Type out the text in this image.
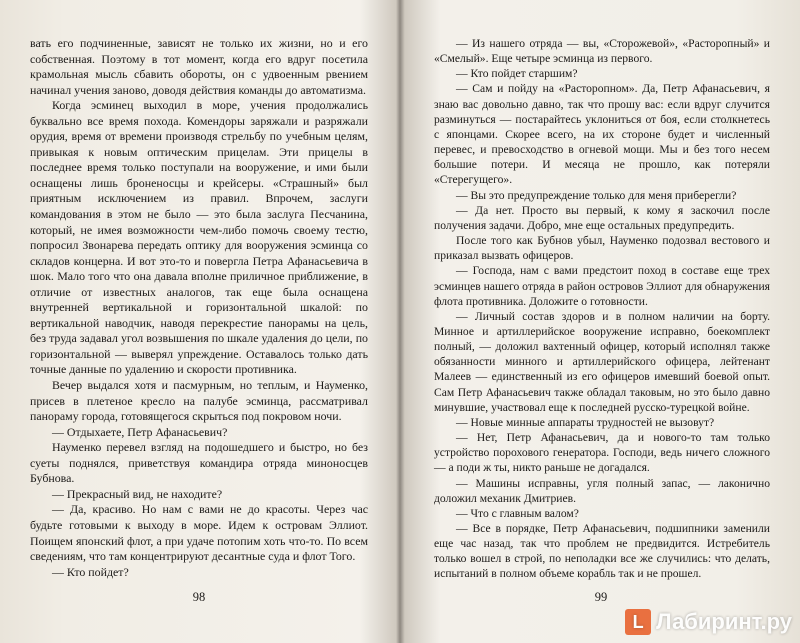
вать его подчиненные, зависят не только их жизни, но и его собственная. Поэтому в тот момент, когда его вдруг посетила крамольная мысль сбавить обороты, он с удвоенным рвением начинал учения заново, доводя действия команды до автоматизма.

Когда эсминец выходил в море, учения продолжались буквально все время похода. Комендоры заряжали и разряжали орудия, время от времени производя стрельбу по учебным целям, привыкая к новым оптическим прицелам. Эти прицелы в последнее время только поступали на вооружение, и ими были оснащены лишь броненосцы и крейсеры. «Страшный» был приятным исключением из правил. Впрочем, заслуги командования в этом не было — это была заслуга Песчанина, который, не имея возможности чем-либо помочь своему тестю, попросил Звонарева передать оптику для вооружения эсминца со складов концерна. И вот это-то и повергла Петра Афанасьевича в шок. Мало того что она давала вполне приличное приближение, в отличие от известных аналогов, так еще была оснащена внутренней вертикальной и горизонтальной шкалой: по вертикальной наводчик, наводя перекрестие панорамы на цель, без труда задавал угол возвышения по шкале удаления до цели, по горизонтальной — выверял упреждение. Оставалось только дать точные данные по удалению и скорости противника.

Вечер выдался хотя и пасмурным, но теплым, и Науменко, присев в плетеное кресло на палубе эсминца, рассматривал панораму города, готовящегося скрыться под покровом ночи.

— Отдыхаете, Петр Афанасьевич?

Науменко перевел взгляд на подошедшего и быстро, но без суеты поднялся, приветствуя командира отряда миноносцев Бубнова.

— Прекрасный вид, не находите?

— Да, красиво. Но нам с вами не до красоты. Через час будьте готовыми к выходу в море. Идем к островам Эллиот. Поищем японский флот, а при удаче потопим хоть что-то. По всем сведениям, что там концентрируют десантные суда и флот Того.

— Кто пойдет?

98

— Из нашего отряда — вы, «Сторожевой», «Расторопный» и «Смелый». Еще четыре эсминца из первого.

— Кто пойдет старшим?

— Сам и пойду на «Расторопном». Да, Петр Афанасьевич, я знаю вас довольно давно, так что прошу вас: если вдруг случится разминуться — постарайтесь уклониться от боя, если столкнетесь с японцами. Скорее всего, на их стороне будет и численный перевес, и превосходство в огневой мощи. Мы и без того несем большие потери. И месяца не прошло, как потеряли «Стерегущего».

— Вы это предупреждение только для меня приберегли?

— Да нет. Просто вы первый, к кому я заскочил после получения задачи. Добро, мне еще остальных предупредить.

После того как Бубнов убыл, Науменко подозвал вестового и приказал вызвать офицеров.

— Господа, нам с вами предстоит поход в составе еще трех эсминцев нашего отряда в район островов Эллиот для обнаружения флота противника. Доложите о готовности.

— Личный состав здоров и в полном наличии на борту. Минное и артиллерийское вооружение исправно, боекомплект полный, — доложил вахтенный офицер, который исполнял также обязанности минного и артиллерийского офицера, лейтенант Малеев — единственный из его офицеров имевший боевой опыт. Сам Петр Афанасьевич также обладал таковым, но это было давно минувшие, участвовал еще к последней русско-турецкой войне.

— Новые минные аппараты трудностей не вызовут?

— Нет, Петр Афанасьевич, да и нового-то там только устройство порохового генератора. Господи, ведь ничего сложного — а поди ж ты, никто раньше не догадался.

— Машины исправны, угля полный запас, — лаконично доложил механик Дмитриев.

— Что с главным валом?

— Все в порядке, Петр Афанасьевич, подшипники заменили еще час назад, так что проблем не предвидится. Истребитель только вошел в строй, по неполадки все же случились: что делать, испытаний в полном объеме корабль так и не прошел.

99
L Лабиринт.ру
